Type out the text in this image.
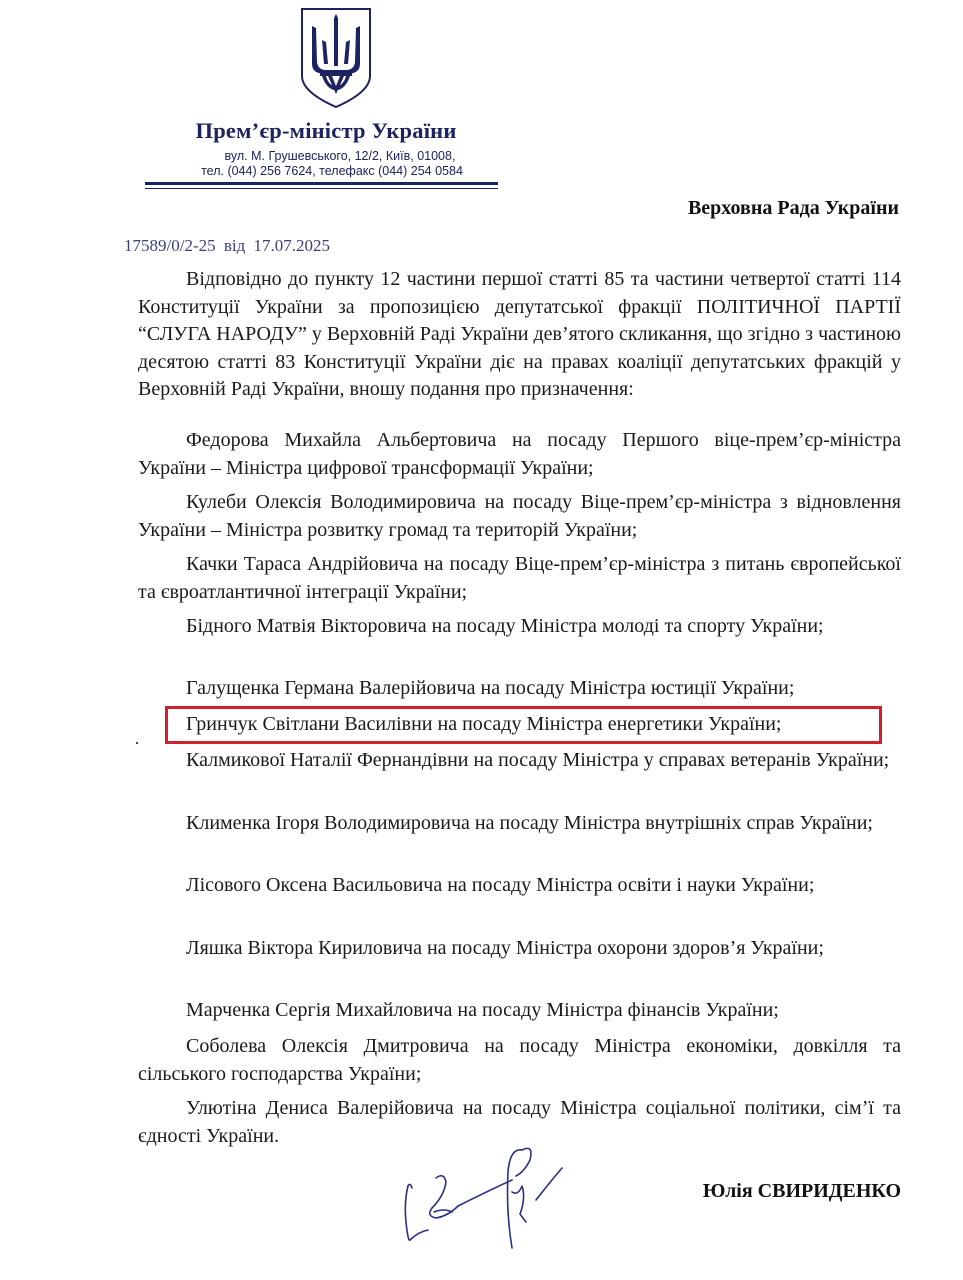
Прем’єр-міністр України
вул. М. Грушевського, 12/2, Київ, 01008,
тел. (044) 256 7624, телефакс (044) 254 0584
Верховна Рада України
17589/0/2-25 від 17.07.2025
Відповідно до пункту 12 частини першої статті 85 та частини четвертої статті 114 Конституції України за пропозицією депутатської фракції ПОЛІТИЧНОЇ ПАРТІЇ “СЛУГА НАРОДУ” у Верховній Раді України дев’ятого скликання, що згідно з частиною десятою статті 83 Конституції України діє на правах коаліції депутатських фракцій у Верховній Раді України, вношу подання про призначення:
Федорова Михайла Альбертовича на посаду Першого віце-прем’єр-міністра України – Міністра цифрової трансформації України;
Кулеби Олексія Володимировича на посаду Віце-прем’єр-міністра з відновлення України – Міністра розвитку громад та територій України;
Качки Тараса Андрійовича на посаду Віце-прем’єр-міністра з питань європейської та євроатлантичної інтеграції України;
Бідного Матвія Вікторовича на посаду Міністра молоді та спорту України;
Галущенка Германа Валерійовича на посаду Міністра юстиції України;
Гринчук Світлани Василівни на посаду Міністра енергетики України;
Калмикової Наталії Фернандівни на посаду Міністра у справах ветеранів України;
Клименка Ігоря Володимировича на посаду Міністра внутрішніх справ України;
Лісового Оксена Васильовича на посаду Міністра освіти і науки України;
Ляшка Віктора Кириловича на посаду Міністра охорони здоров’я України;
Марченка Сергія Михайловича на посаду Міністра фінансів України;
Соболева Олексія Дмитровича на посаду Міністра економіки, довкілля та сільського господарства України;
Улютіна Дениса Валерійовича на посаду Міністра соціальної політики, сім’ї та єдності України.
Юлія СВИРИДЕНКО
